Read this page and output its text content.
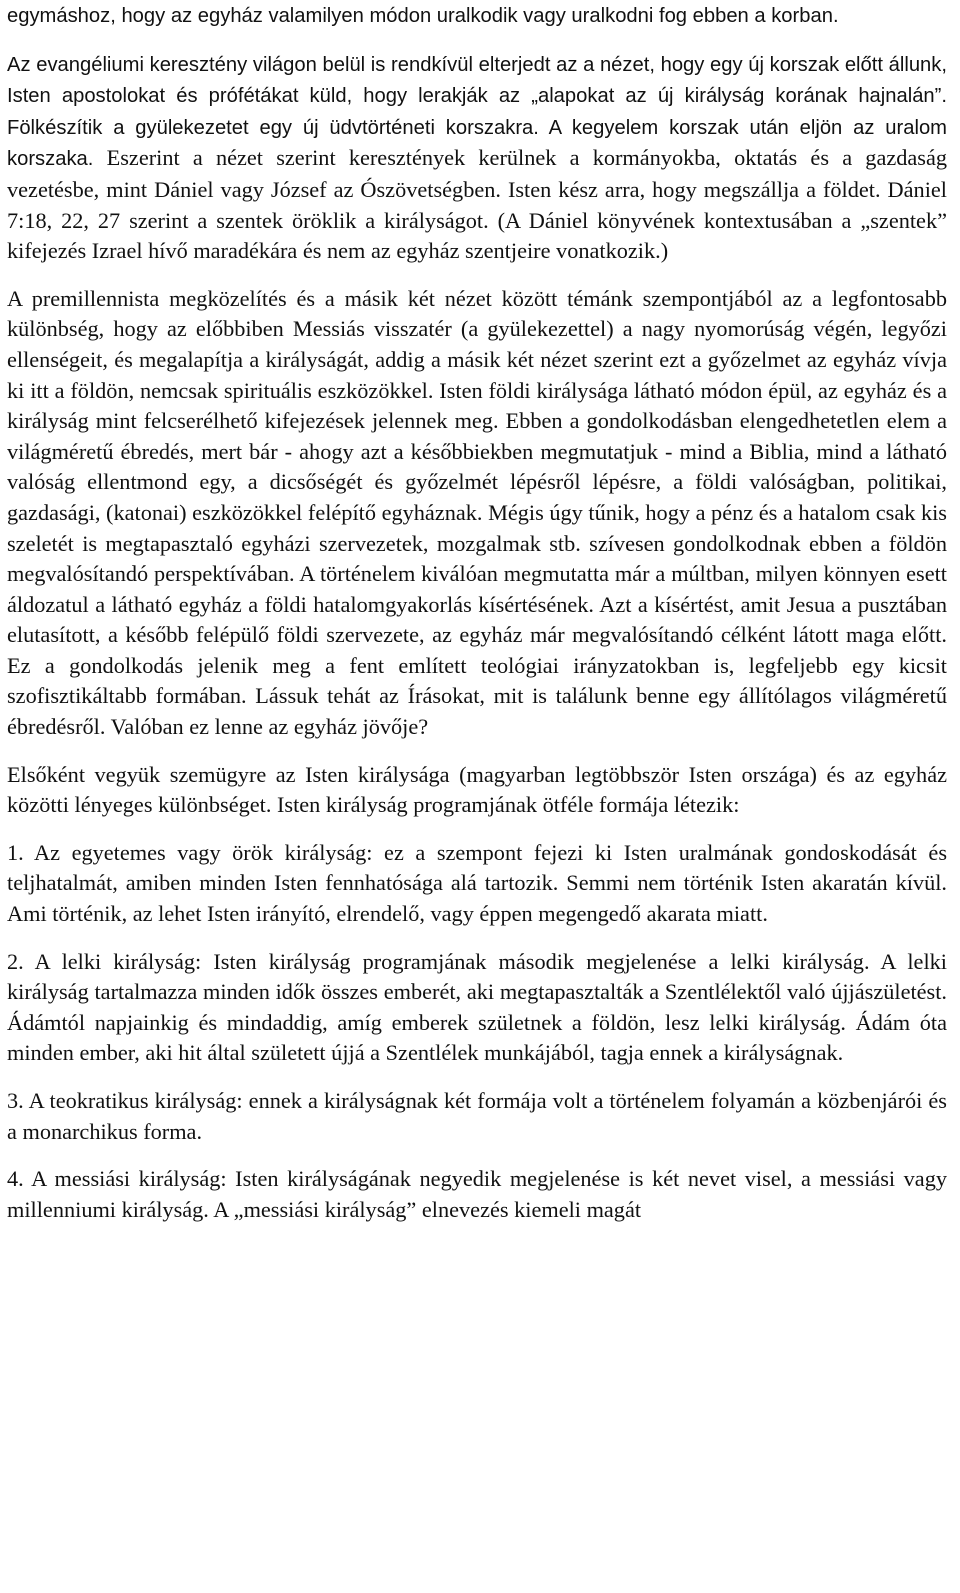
egymáshoz, hogy az egyház valamilyen módon uralkodik vagy uralkodni fog ebben a korban.

Az evangéliumi keresztény világon belül is rendkívül elterjedt az a nézet, hogy egy új korszak előtt állunk, Isten apostolokat és prófétákat küld, hogy lerakják az „alapokat az új királyság korának hajnalán”. Fölkészítik a gyülekezetet egy új üdvtörténeti korszakra. A kegyelem korszak után eljön az uralom korszaka. Eszerint a nézet szerint keresztények kerülnek a kormányokba, oktatás és a gazdaság vezetésbe, mint Dániel vagy József az Ószövetségben. Isten kész arra, hogy megszállja a földet. Dániel 7:18, 22, 27 szerint a szentek öröklik a királyságot. (A Dániel könyvének kontextusában a „szentek” kifejezés Izrael hívő maradékára és nem az egyház szentjeire vonatkozik.)

A premillennista megközelítés és a másik két nézet között témánk szempontjából az a legfontosabb különbség, hogy az előbbiben Messiás visszatér (a gyülekezettel) a nagy nyomorúság végén, legyőzi ellenségeit, és megalapítja a királyságát, addig a másik két nézet szerint ezt a győzelmet az egyház vívja ki itt a földön, nemcsak spirituális eszközökkel. Isten földi királysága látható módon épül, az egyház és a királyság mint felcserélhető kifejezések jelennek meg. Ebben a gondolkodásban elengedhetetlen elem a világméretű ébredés, mert bár - ahogy azt a későbbiekben megmutatjuk - mind a Biblia, mind a látható valóság ellentmond egy, a dicsőségét és győzelmét lépésről lépésre, a földi valóságban, politikai, gazdasági, (katonai) eszközökkel felépítő egyháznak. Mégis úgy tűnik, hogy a pénz és a hatalom csak kis szeletét is megtapasztaló egyházi szervezetek, mozgalmak stb. szívesen gondolkodnak ebben a földön megvalósítandó perspektívában. A történelem kiválóan megmutatta már a múltban, milyen könnyen esett áldozatul a látható egyház a földi hatalomgyakorlás kísértésének. Azt a kísértést, amit Jesua a pusztában elutasított, a később felépülő földi szervezete, az egyház már megvalósítandó célként látott maga előtt. Ez a gondolkodás jelenik meg a fent említett teológiai irányzatokban is, legfeljebb egy kicsit szofisztikáltabb formában. Lássuk tehát az Írásokat, mit is találunk benne egy állítólagos világméretű ébredésről. Valóban ez lenne az egyház jövője?

Elsőként vegyük szemügyre az Isten királysága (magyarban legtöbbször Isten országa) és az egyház közötti lényeges különbséget. Isten királyság programjának ötféle formája létezik:

1. Az egyetemes vagy örök királyság: ez a szempont fejezi ki Isten uralmának gondoskodását és teljhatalmát, amiben minden Isten fennhatósága alá tartozik. Semmi nem történik Isten akaratán kívül. Ami történik, az lehet Isten irányító, elrendelő, vagy éppen megengedő akarata miatt.

2. A lelki királyság: Isten királyság programjának második megjelenése a lelki királyság. A lelki királyság tartalmazza minden idők összes emberét, aki megtapasztalták a Szentlélektől való újjászületést. Ádámtól napjainkig és mindaddig, amíg emberek születnek a földön, lesz lelki királyság. Ádám óta minden ember, aki hit által született újjá a Szentlélek munkájából, tagja ennek a királyságnak.

3. A teokratikus királyság: ennek a királyságnak két formája volt a történelem folyamán a közbenjárói és a monarchikus forma.

4. A messiási királyság: Isten királyságának negyedik megjelenése is két nevet visel, a messiási vagy millenniumi királyság. A „messiási királyság” elnevezés kiemeli magát
